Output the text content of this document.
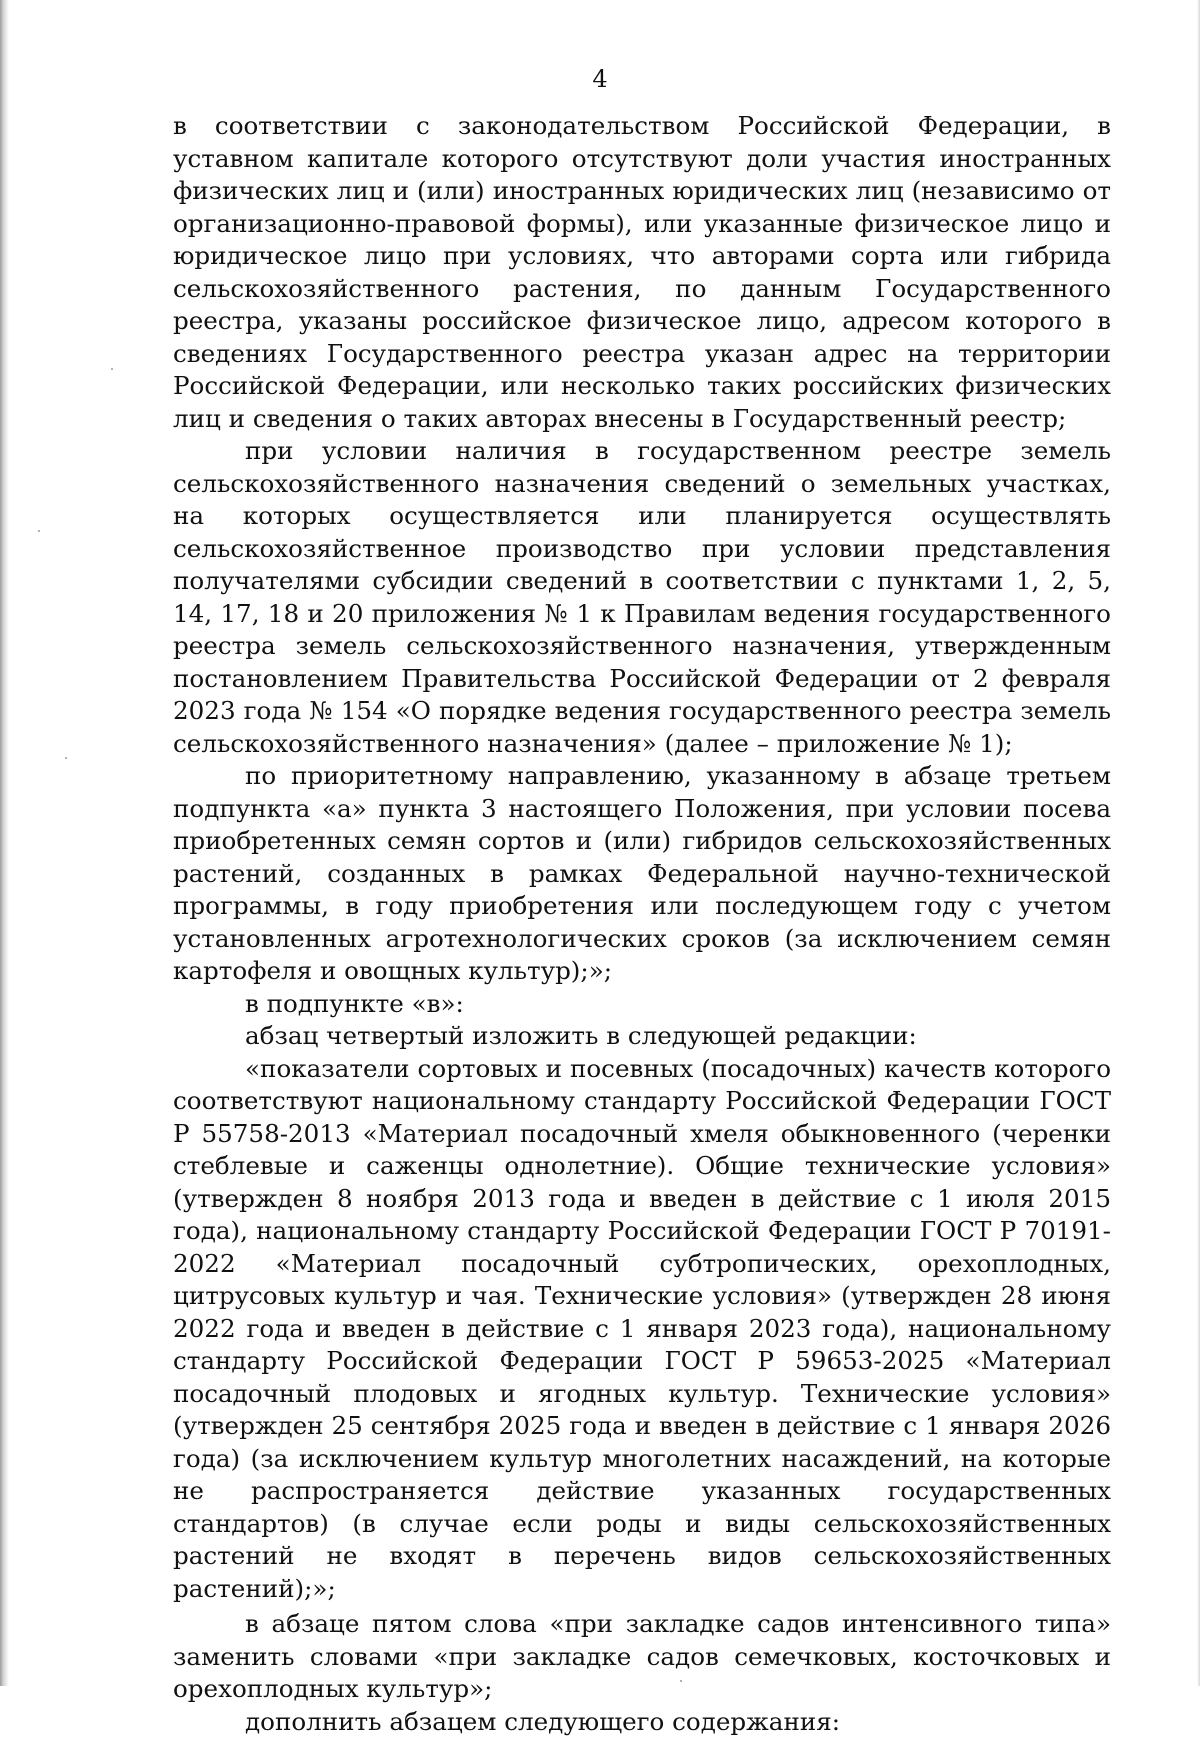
4

в соответствии с законодательством Российской Федерации, в уставном капитале которого отсутствуют доли участия иностранных физических лиц и (или) иностранных юридических лиц (независимо от организационно-правовой формы), или указанные физическое лицо и юридическое лицо при условиях, что авторами сорта или гибрида сельскохозяйственного растения, по данным Государственного реестра, указаны российское физическое лицо, адресом которого в сведениях Государственного реестра указан адрес на территории Российской Федерации, или несколько таких российских физических лиц и сведения о таких авторах внесены в Государственный реестр;

при условии наличия в государственном реестре земель сельскохозяйственного назначения сведений о земельных участках, на которых осуществляется или планируется осуществлять сельскохозяйственное производство при условии представления получателями субсидии сведений в соответствии с пунктами 1, 2, 5, 14, 17, 18 и 20 приложения № 1 к Правилам ведения государственного реестра земель сельскохозяйственного назначения, утвержденным постановлением Правительства Российской Федерации от 2 февраля 2023 года № 154 «О порядке ведения государственного реестра земель сельскохозяйственного назначения» (далее – приложение № 1);

по приоритетному направлению, указанному в абзаце третьем подпункта «а» пункта 3 настоящего Положения, при условии посева приобретенных семян сортов и (или) гибридов сельскохозяйственных растений, созданных в рамках Федеральной научно-технической программы, в году приобретения или последующем году с учетом установленных агротехнологических сроков (за исключением семян картофеля и овощных культур);»;

в подпункте «в»:

абзац четвертый изложить в следующей редакции:

«показатели сортовых и посевных (посадочных) качеств которого соответствуют национальному стандарту Российской Федерации ГОСТ Р 55758-2013 «Материал посадочный хмеля обыкновенного (черенки стеблевые и саженцы однолетние). Общие технические условия» (утвержден 8 ноября 2013 года и введен в действие с 1 июля 2015 года), национальному стандарту Российской Федерации ГОСТ Р 70191-2022 «Материал посадочный субтропических, орехоплодных, цитрусовых культур и чая. Технические условия» (утвержден 28 июня 2022 года и введен в действие с 1 января 2023 года), национальному стандарту Российской Федерации ГОСТ Р 59653-2025 «Материал посадочный плодовых и ягодных культур. Технические условия» (утвержден 25 сентября 2025 года и введен в действие с 1 января 2026 года) (за исключением культур многолетних насаждений, на которые не распространяется действие указанных государственных стандартов) (в случае если роды и виды сельскохозяйственных растений не входят в перечень видов сельскохозяйственных растений);»;

в абзаце пятом слова «при закладке садов интенсивного типа» заменить словами «при закладке садов семечковых, косточковых и орехоплодных культур»;

дополнить абзацем следующего содержания:
